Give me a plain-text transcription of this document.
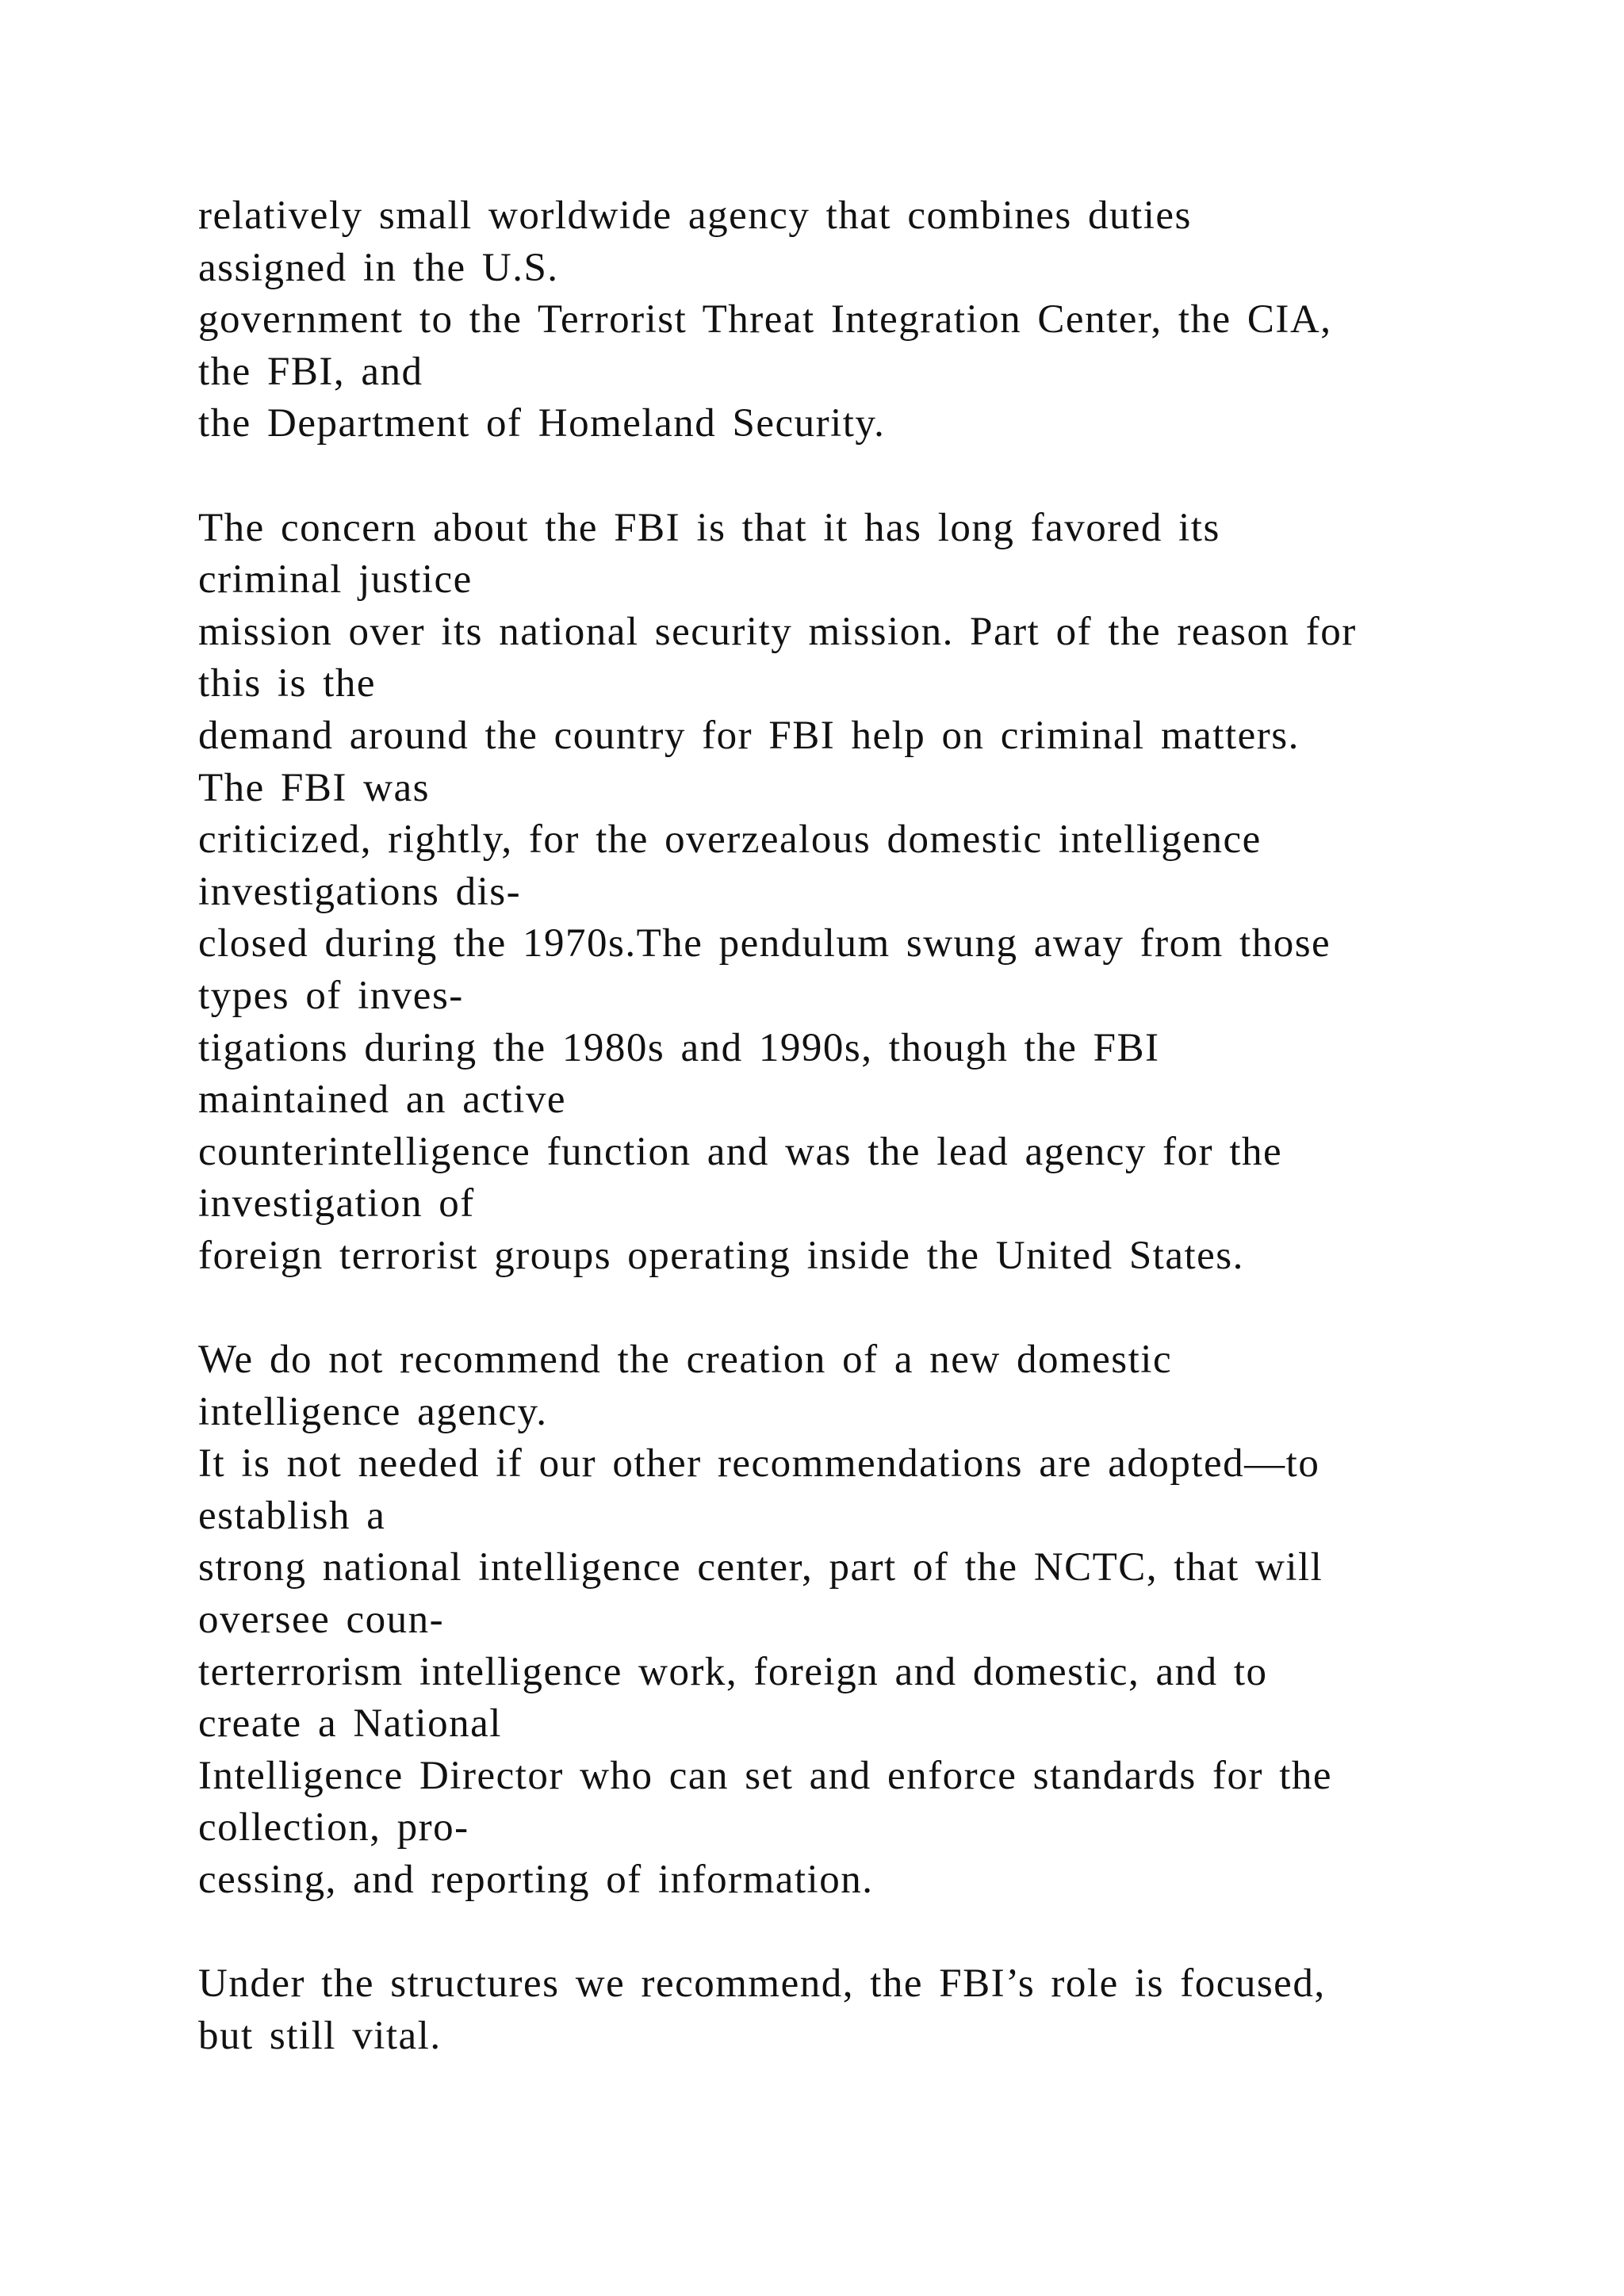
relatively small worldwide agency that combines duties
assigned in the U.S.
government to the Terrorist Threat Integration Center, the CIA,
the FBI, and
the Department of Homeland Security.
The concern about the FBI is that it has long favored its
criminal justice
mission over its national security mission. Part of the reason for
this is the
demand around the country for FBI help on criminal matters.
The FBI was
criticized, rightly, for the overzealous domestic intelligence
investigations dis-
closed during the 1970s.The pendulum swung away from those
types of inves-
tigations during the 1980s and 1990s, though the FBI
maintained an active
counterintelligence function and was the lead agency for the
investigation of
foreign terrorist groups operating inside the United States.
We do not recommend the creation of a new domestic
intelligence agency.
It is not needed if our other recommendations are adopted—to
establish a
strong national intelligence center, part of the NCTC, that will
oversee coun-
terterrorism intelligence work, foreign and domestic, and to
create a National
Intelligence Director who can set and enforce standards for the
collection, pro-
cessing, and reporting of information.
Under the structures we recommend, the FBI’s role is focused,
but still vital.
